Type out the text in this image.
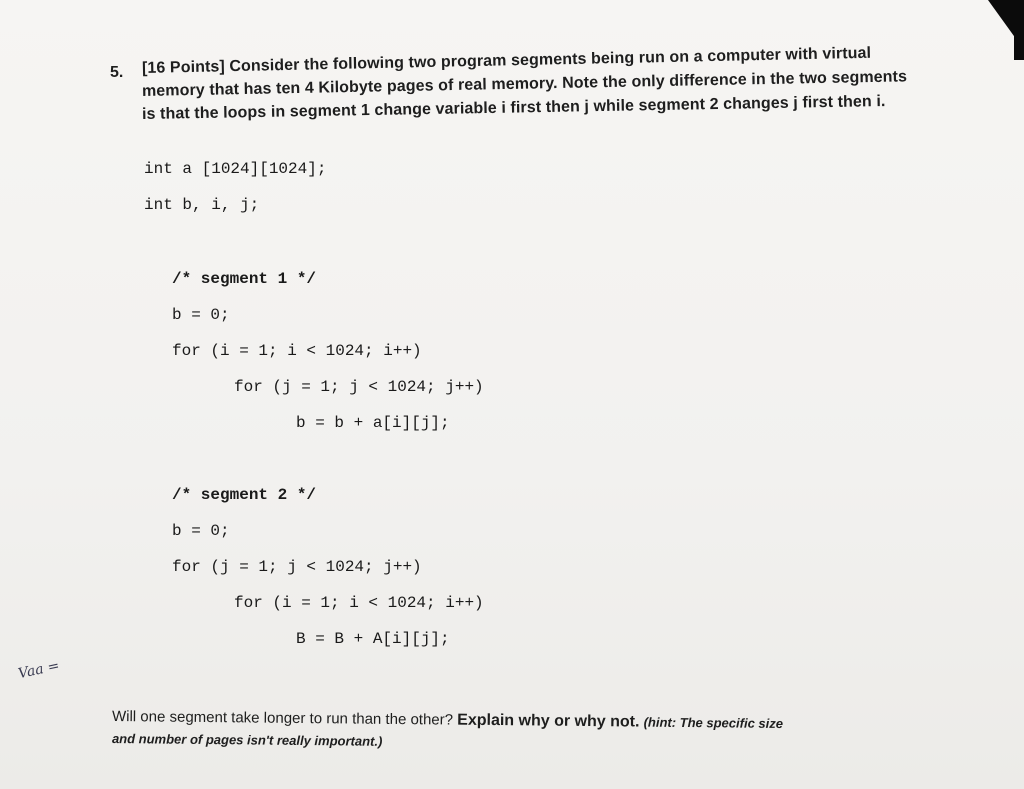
5. [16 Points] Consider the following two program segments being run on a computer with virtual
memory that has ten 4 Kilobyte pages of real memory. Note the only difference in the two segments
is that the loops in segment 1 change variable i first then j while segment 2 changes j first then i.
int a [1024][1024];
int b, i, j;
/* segment 1 */
b = 0;
for (i = 1; i < 1024; i++)
for (j = 1; j < 1024; j++)
b = b + a[i][j];
/* segment 2 */
b = 0;
for (j = 1; j < 1024; j++)
for (i = 1; i < 1024; i++)
B = B + A[i][j];
Vaa =
Will one segment take longer to run than the other? Explain why or why not. (hint: The specific size
and number of pages isn't really important.)
